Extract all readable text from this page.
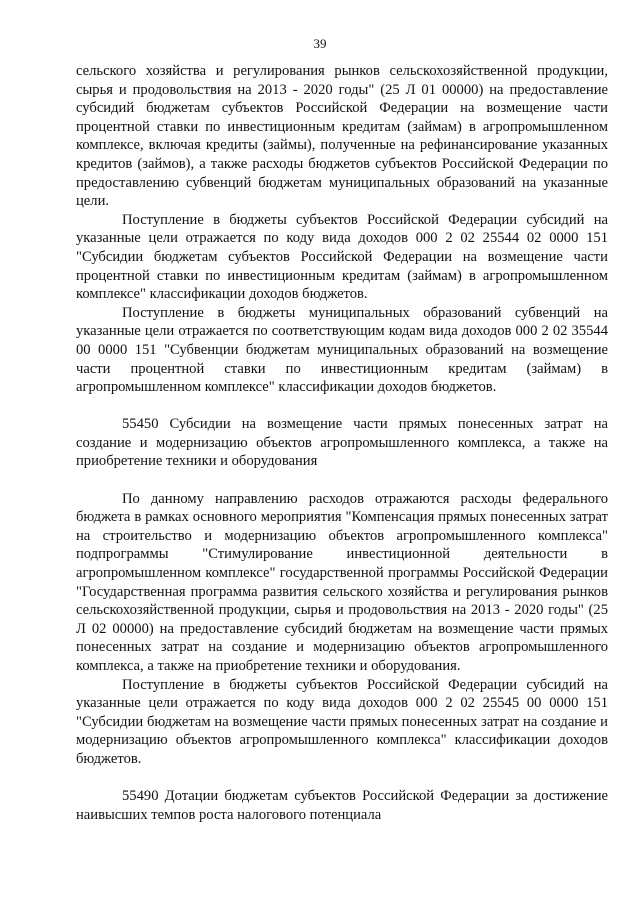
39

сельского хозяйства и регулирования рынков сельскохозяйственной продукции, сырья и продовольствия на 2013 - 2020 годы" (25 Л 01 00000) на предоставление субсидий бюджетам субъектов Российской Федерации на возмещение части процентной ставки по инвестиционным кредитам (займам) в агропромышленном комплексе, включая кредиты (займы), полученные на рефинансирование указанных кредитов (займов), а также расходы бюджетов субъектов Российской Федерации по предоставлению субвенций бюджетам муниципальных образований на указанные цели.

Поступление в бюджеты субъектов Российской Федерации субсидий на указанные цели отражается по коду вида доходов 000 2 02 25544 02 0000 151 "Субсидии бюджетам субъектов Российской Федерации на возмещение части процентной ставки по инвестиционным кредитам (займам) в агропромышленном комплексе" классификации доходов бюджетов.

Поступление в бюджеты муниципальных образований субвенций на указанные цели отражается по соответствующим кодам вида доходов 000 2 02 35544 00 0000 151 "Субвенции бюджетам муниципальных образований на возмещение части процентной ставки по инвестиционным кредитам (займам) в агропромышленном комплексе" классификации доходов бюджетов.

55450 Субсидии на возмещение части прямых понесенных затрат на создание и модернизацию объектов агропромышленного комплекса, а также на приобретение техники и оборудования

По данному направлению расходов отражаются расходы федерального бюджета в рамках основного мероприятия "Компенсация прямых понесенных затрат на строительство и модернизацию объектов агропромышленного комплекса" подпрограммы "Стимулирование инвестиционной деятельности в агропромышленном комплексе" государственной программы Российской Федерации "Государственная программа развития сельского хозяйства и регулирования рынков сельскохозяйственной продукции, сырья и продовольствия на 2013 - 2020 годы" (25 Л 02 00000) на предоставление субсидий бюджетам на возмещение части прямых понесенных затрат на создание и модернизацию объектов агропромышленного комплекса, а также на приобретение техники и оборудования.

Поступление в бюджеты субъектов Российской Федерации субсидий на указанные цели отражается по коду вида доходов 000 2 02 25545 00 0000 151 "Субсидии бюджетам на возмещение части прямых понесенных затрат на создание и модернизацию объектов агропромышленного комплекса" классификации доходов бюджетов.

55490 Дотации бюджетам субъектов Российской Федерации за достижение наивысших темпов роста налогового потенциала
